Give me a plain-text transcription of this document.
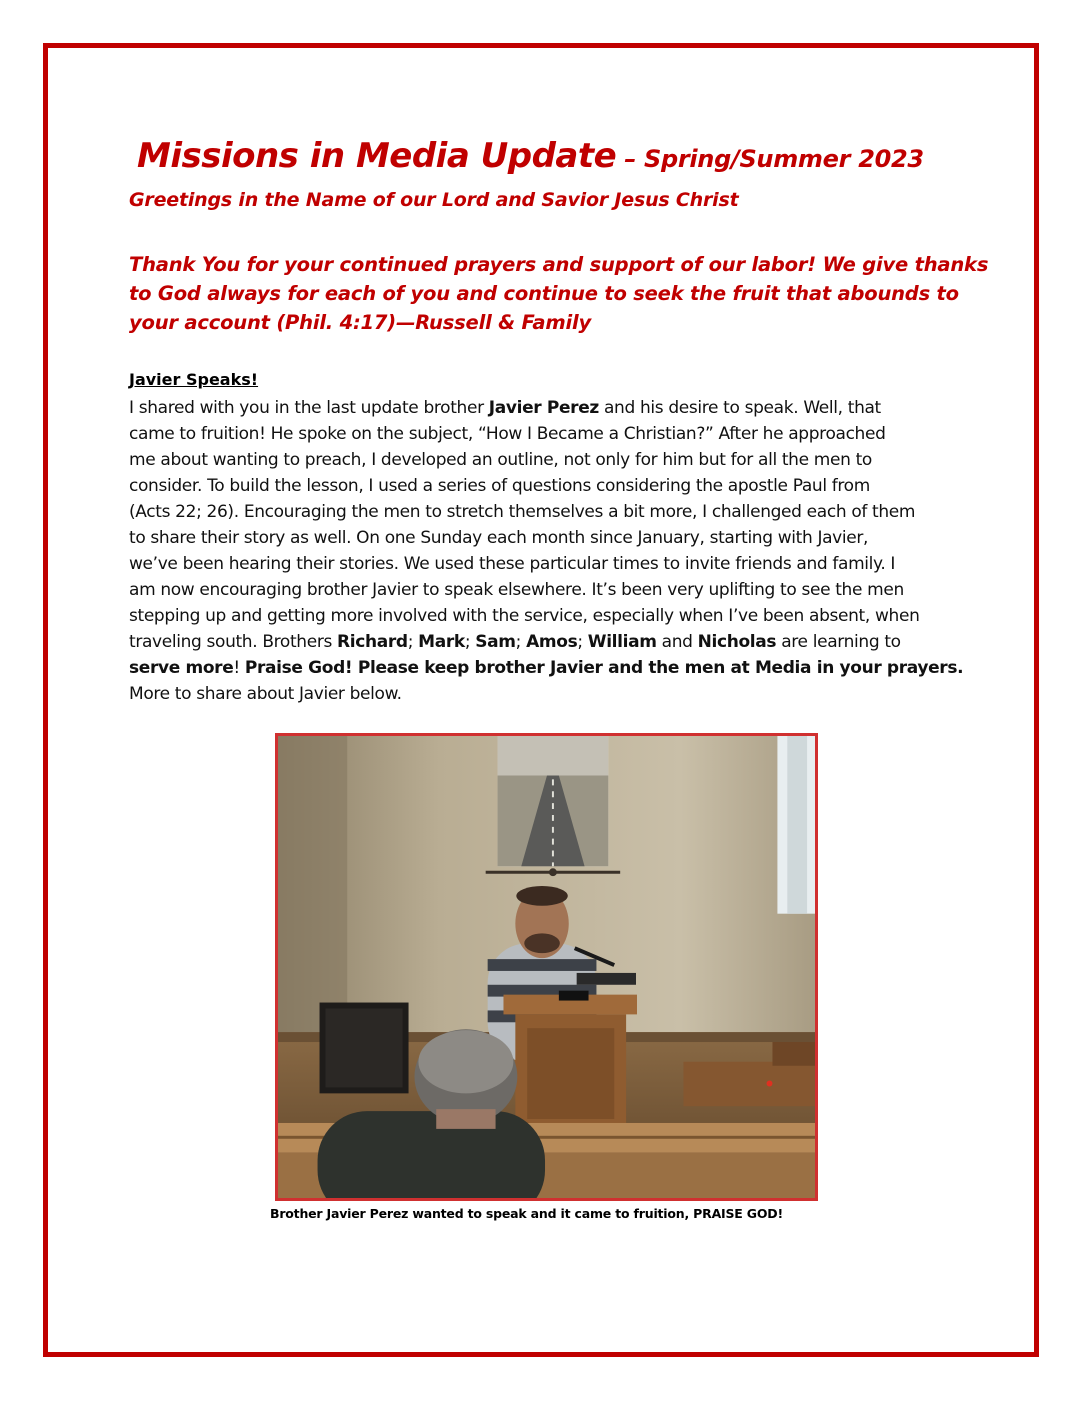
Missions in Media Update – Spring/Summer 2023

Greetings in the Name of our Lord and Savior Jesus Christ

Thank You for your continued prayers and support of our labor! We give thanks
to God always for each of you and continue to seek the fruit that abounds to
your account (Phil. 4:17)—Russell & Family

Javier Speaks!
I shared with you in the last update brother Javier Perez and his desire to speak. Well, that
came to fruition! He spoke on the subject, “How I Became a Christian?” After he approached
me about wanting to preach, I developed an outline, not only for him but for all the men to
consider. To build the lesson, I used a series of questions considering the apostle Paul from
(Acts 22; 26). Encouraging the men to stretch themselves a bit more, I challenged each of them
to share their story as well. On one Sunday each month since January, starting with Javier,
we’ve been hearing their stories. We used these particular times to invite friends and family. I
am now encouraging brother Javier to speak elsewhere. It’s been very uplifting to see the men
stepping up and getting more involved with the service, especially when I’ve been absent, when
traveling south. Brothers Richard; Mark; Sam; Amos; William and Nicholas are learning to
serve more! Praise God! Please keep brother Javier and the men at Media in your prayers.
More to share about Javier below.

Brother Javier Perez wanted to speak and it came to fruition, PRAISE GOD!
